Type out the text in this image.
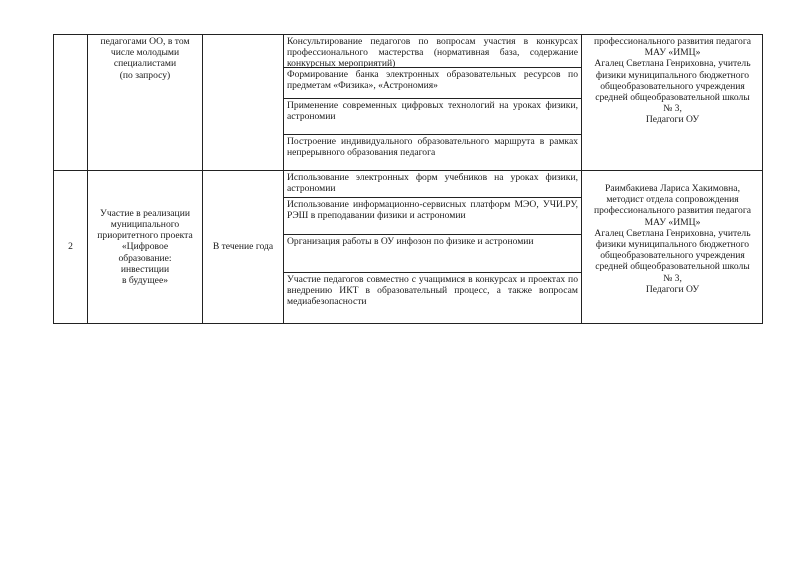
педагогами ОО, в том
числе молодыми
специалистами
(по запросу)
Консультирование педагогов по вопросам участия в конкурсах профессионального мастерства (нормативная база, содержание конкурсных мероприятий)
Формирование банка электронных образовательных ресурсов по предметам «Физика», «Астрономия»
Применение современных цифровых технологий на уроках физики, астрономии
Построение индивидуального образовательного маршрута в рамках непрерывного образования педагога
профессионального развития педагога
МАУ «ИМЦ»
Агалец Светлана Генриховна, учитель
физики муниципального бюджетного
общеобразовательного учреждения
средней общеобразовательной школы
№ 3,
Педагоги ОУ
2
Участие в реализации
муниципального
приоритетного проекта
«Цифровое
образование:
инвестиции
в будущее»
В течение года
Использование электронных форм учебников на уроках физики, астрономии
Использование информационно-сервисных платформ МЭО, УЧИ.РУ, РЭШ в преподавании физики и астрономии
Организация работы в ОУ инфозон по физике и астрономии
Участие педагогов совместно с учащимися в конкурсах и проектах по внедрению ИКТ в образовательный процесс, а также вопросам медиабезопасности
Раимбакиева Лариса Хакимовна,
методист отдела сопровождения
профессионального развития педагога
МАУ «ИМЦ»
Агалец Светлана Генриховна, учитель
физики муниципального бюджетного
общеобразовательного учреждения
средней общеобразовательной школы
№ 3,
Педагоги ОУ
